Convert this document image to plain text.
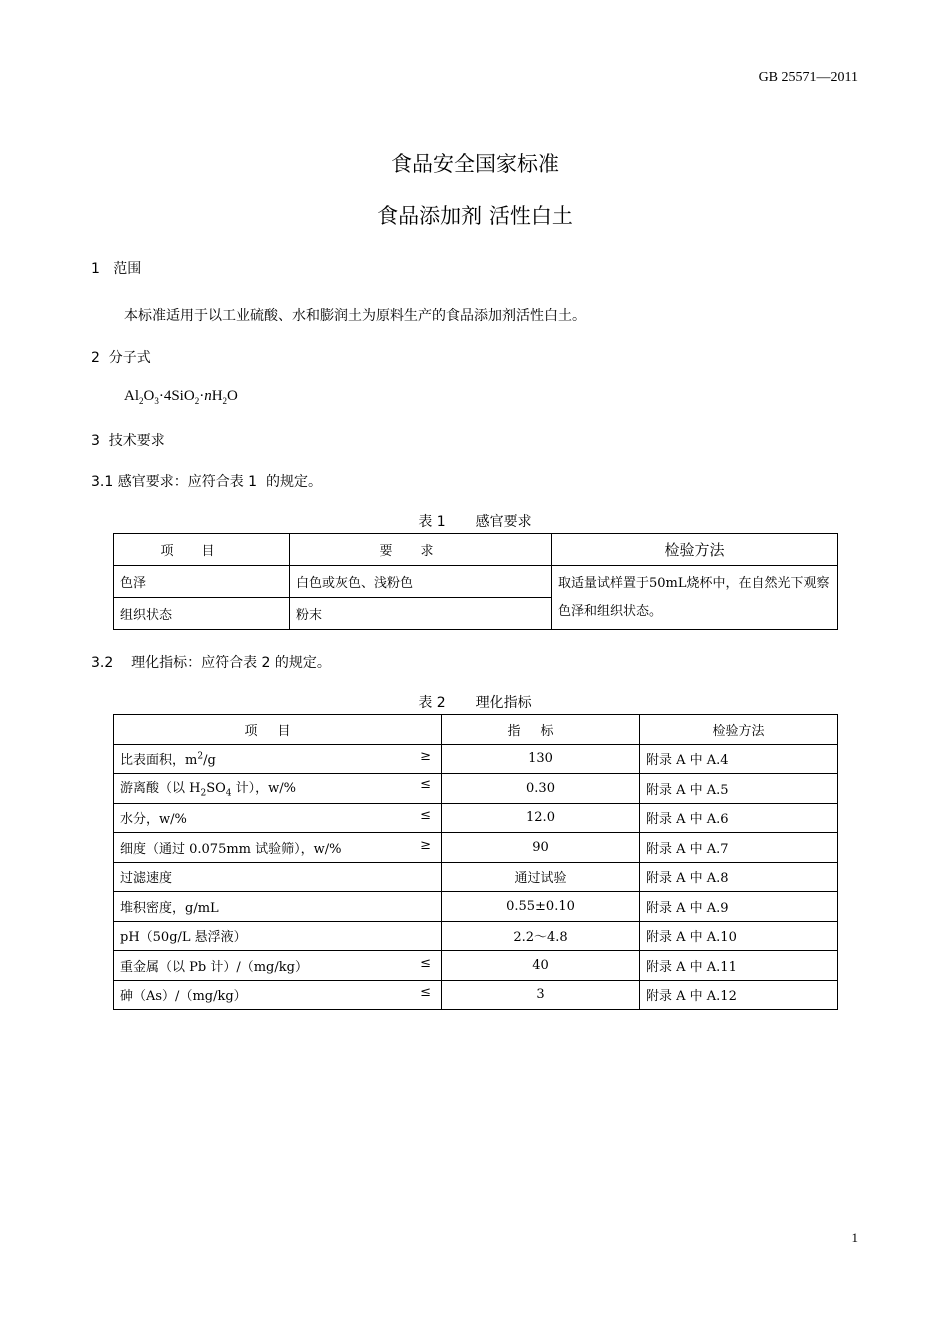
GB 25571—2011
食品安全国家标准
食品添加剂 活性白土
1   范围
本标准适用于以工业硫酸、水和膨润土为原料生产的食品添加剂活性白土。
2  分子式
$Al_2O_3\cdot 4SiO_2\cdot nH_2O$
3  技术要求
3.1 感官要求：应符合表 1  的规定。
表 1 感官要求
项目	要求	检验方法
色泽	白色或灰色、浅粉色	取适量试样置于50mL烧杯中，在自然光下观察色泽和组织状态。
组织状态	粉末	
3.2    理化指标：应符合表 2 的规定。
表 2 理化指标
项目	指标	检验方法
比表面积，$m^2/g$ ≥	130	附录 A 中 A.4
游离酸（以 $H_2SO_4$ 计），w/% ≤	0.30	附录 A 中 A.5
水分，w/% ≤	12.0	附录 A 中 A.6
细度（通过 0.075mm 试验筛），w/% ≥	90	附录 A 中 A.7
过滤速度	通过试验	附录 A 中 A.8
堆积密度，g/mL	0.55±0.10	附录 A 中 A.9
pH（50g/L 悬浮液）	2.2～4.8	附录 A 中 A.10
重金属（以 Pb 计）/（mg/kg） ≤	40	附录 A 中 A.11
砷（As）/（mg/kg） ≤	3	附录 A 中 A.12
1
